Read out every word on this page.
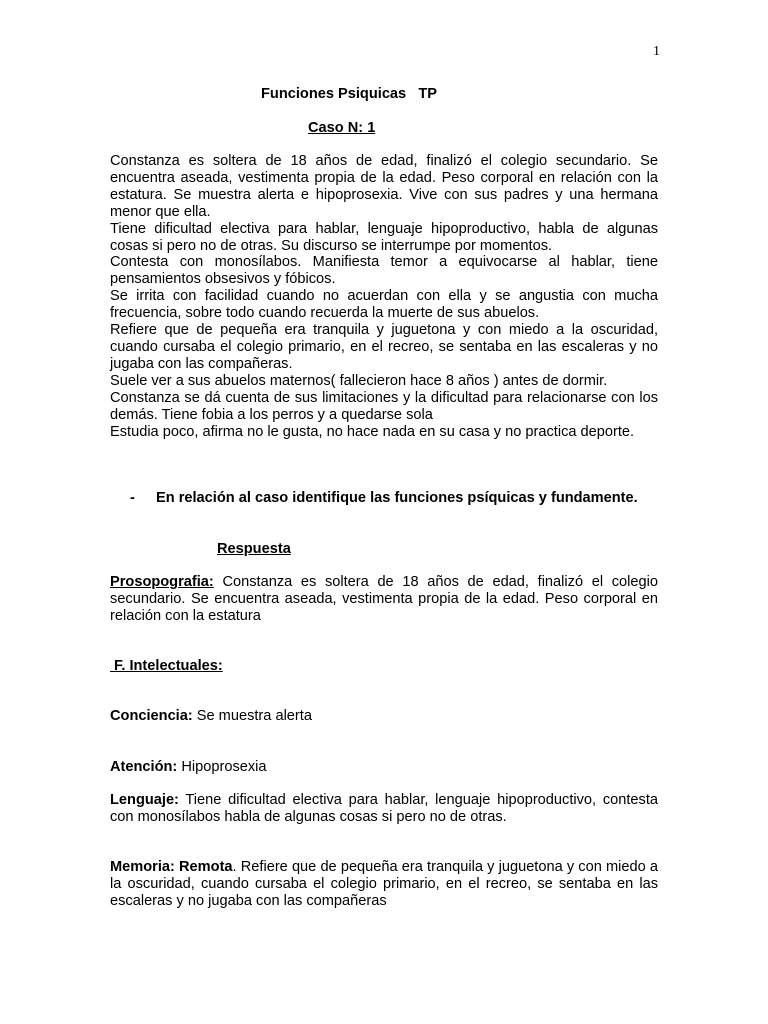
1
Funciones Psiquicas   TP
Caso N: 1

Constanza es soltera de 18 años de edad, finalizó el colegio secundario. Se encuentra aseada, vestimenta propia de la edad. Peso corporal en relación con la estatura. Se muestra alerta e hipoprosexia. Vive con sus padres y una hermana menor que ella.

Tiene dificultad electiva para hablar, lenguaje hipoproductivo, habla de algunas cosas si pero no de otras. Su discurso se interrumpe por momentos.

Contesta con monosílabos. Manifiesta temor a equivocarse al hablar, tiene pensamientos obsesivos y fóbicos.

Se irrita con facilidad cuando no acuerdan con ella y se angustia con mucha frecuencia, sobre todo cuando recuerda la muerte de sus abuelos.

Refiere que de pequeña era tranquila y juguetona y con miedo a la oscuridad, cuando cursaba el colegio primario, en el recreo, se sentaba en las escaleras y no jugaba con las compañeras.

Suele ver a sus abuelos maternos( fallecieron hace 8 años ) antes de dormir.

Constanza se dá cuenta de sus limitaciones y la dificultad para relacionarse con los demás. Tiene fobia a los perros y a quedarse sola

Estudia poco, afirma no le gusta, no hace nada en su casa y no practica deporte.

- En relación al caso identifique las funciones psíquicas y fundamente.
Respuesta
Prosopografia: Constanza es soltera de 18 años de edad, finalizó el colegio secundario. Se encuentra aseada, vestimenta propia de la edad. Peso corporal en relación con la estatura
F. Intelectuales:
Conciencia: Se muestra alerta
Atención: Hipoprosexia
Lenguaje: Tiene dificultad electiva para hablar, lenguaje hipoproductivo, contesta con monosílabos habla de algunas cosas si pero no de otras.
Memoria: Remota. Refiere que de pequeña era tranquila y juguetona y con miedo a la oscuridad, cuando cursaba el colegio primario, en el recreo, se sentaba en las escaleras y no jugaba con las compañeras
